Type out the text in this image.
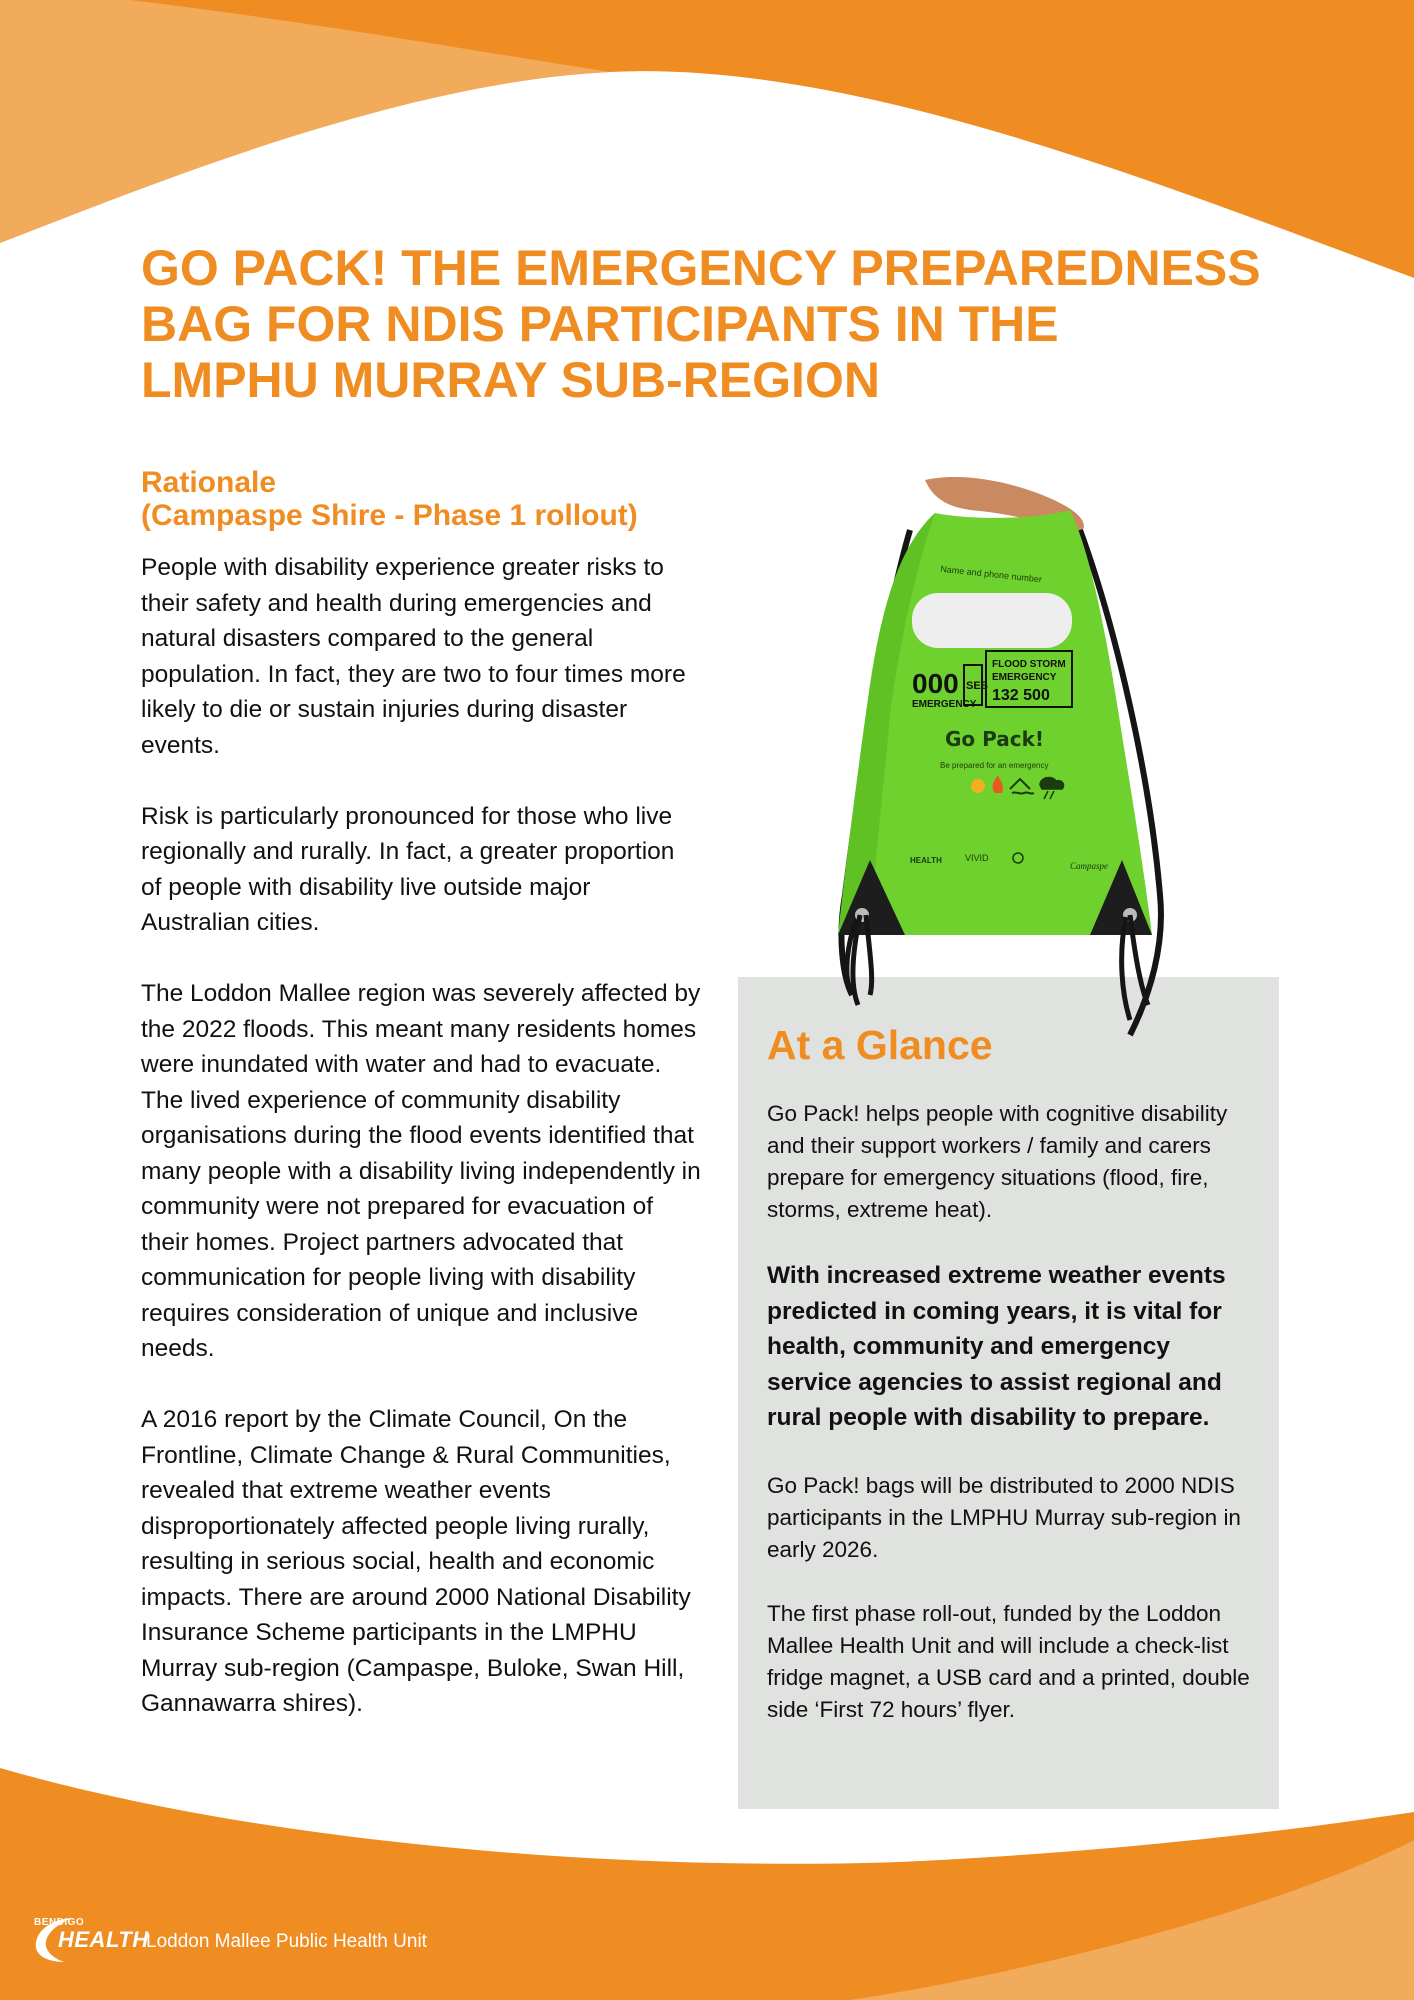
GO PACK! THE EMERGENCY PREPAREDNESS
BAG FOR NDIS PARTICIPANTS IN THE
LMPHU MURRAY SUB-REGION
Rationale
(Campaspe Shire - Phase 1 rollout)

People with disability experience greater risks to their safety and health during emergencies and natural disasters compared to the general population. In fact, they are two to four times more likely to die or sustain injuries during disaster events.

Risk is particularly pronounced for those who live regionally and rurally. In fact, a greater proportion of people with disability live outside major Australian cities.

The Loddon Mallee region was severely affected by the 2022 floods. This meant many residents homes were inundated with water and had to evacuate. The lived experience of community disability organisations during the flood events identified that many people with a disability living independently in community were not prepared for evacuation of their homes. Project partners advocated that communication for people living with disability requires consideration of unique and inclusive needs.

A 2016 report by the Climate Council, On the Frontline, Climate Change & Rural Communities, revealed that extreme weather events disproportionately affected people living rurally, resulting in serious social, health and economic impacts. There are around 2000 National Disability Insurance Scheme participants in the LMPHU Murray sub-region (Campaspe, Buloke, Swan Hill, Gannawarra shires).

At a Glance

Go Pack! helps people with cognitive disability and their support workers / family and carers prepare for emergency situations (flood, fire, storms, extreme heat).

With increased extreme weather events predicted in coming years, it is vital for health, community and emergency service agencies to assist regional and rural people with disability to prepare.

Go Pack! bags will be distributed to 2000 NDIS participants in the LMPHU Murray sub-region in early 2026.

The first phase roll-out, funded by the Loddon Mallee Health Unit and will include a check-list fridge magnet, a USB card and a printed, double side ‘First 72 hours’ flyer.

Name and phone number
000
EMERGENCY
SES
FLOOD STORM
EMERGENCY
132 500
Go Pack!
Be prepared for an emergency
HEALTH	VIVID
Campaspe
BENDIGO
HEALTH
Loddon Mallee Public Health Unit
